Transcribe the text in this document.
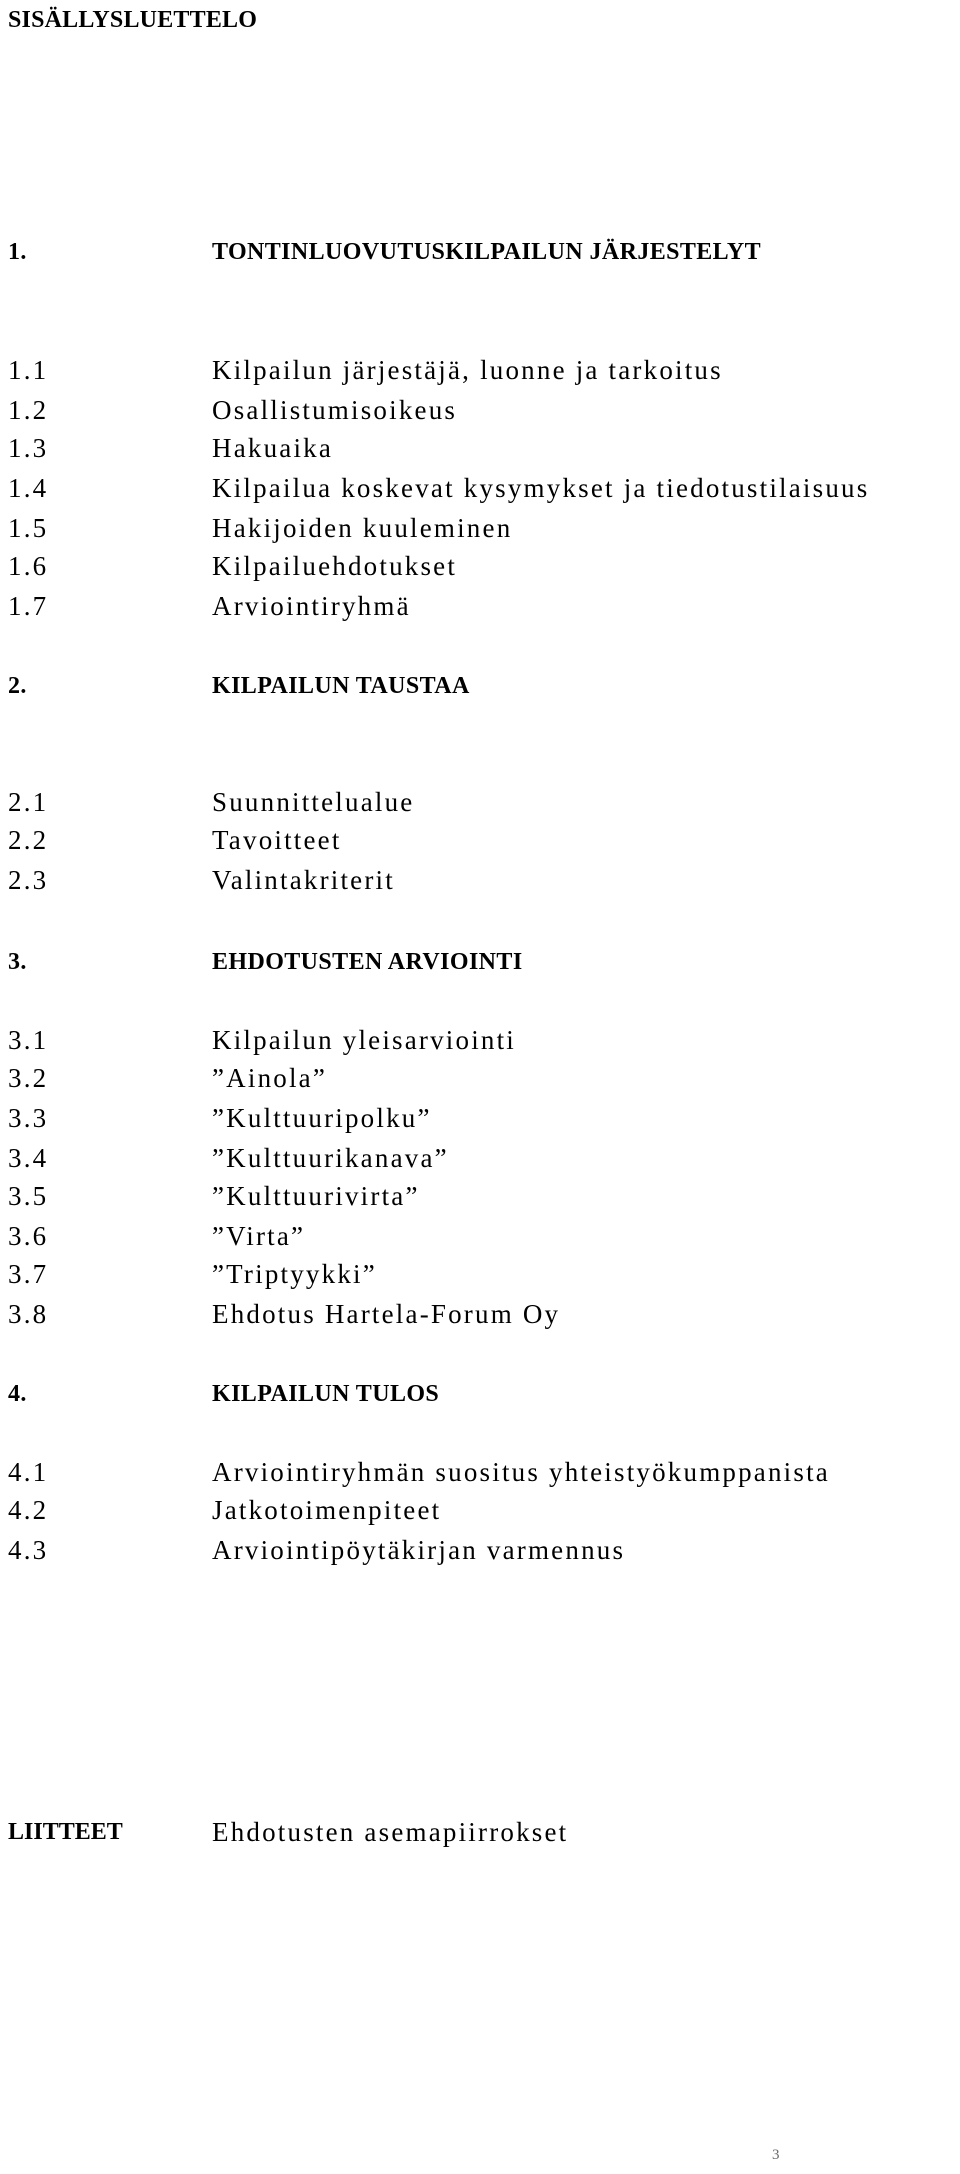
SISÄLLYSLUETTELO
1.	TONTINLUOVUTUSKILPAILUN JÄRJESTELYT
1.1	Kilpailun järjestäjä, luonne ja tarkoitus
1.2	Osallistumisoikeus
1.3	Hakuaika
1.4	Kilpailua koskevat kysymykset ja tiedotustilaisuus
1.5	Hakijoiden kuuleminen
1.6	Kilpailuehdotukset
1.7	Arviointiryhmä
2.	KILPAILUN TAUSTAA
2.1	Suunnittelualue
2.2	Tavoitteet
2.3	Valintakriterit
3.	EHDOTUSTEN ARVIOINTI
3.1	Kilpailun yleisarviointi
3.2	”Ainola”
3.3	”Kulttuuripolku”
3.4	”Kulttuurikanava”
3.5	”Kulttuurivirta”
3.6	”Virta”
3.7	”Triptyykki”
3.8	Ehdotus Hartela-Forum Oy
4.	KILPAILUN TULOS
4.1	Arviointiryhmän suositus yhteistyökumppanista
4.2	Jatkotoimenpiteet
4.3	Arviointipöytäkirjan varmennus
LIITTEET	Ehdotusten asemapiirrokset
3
